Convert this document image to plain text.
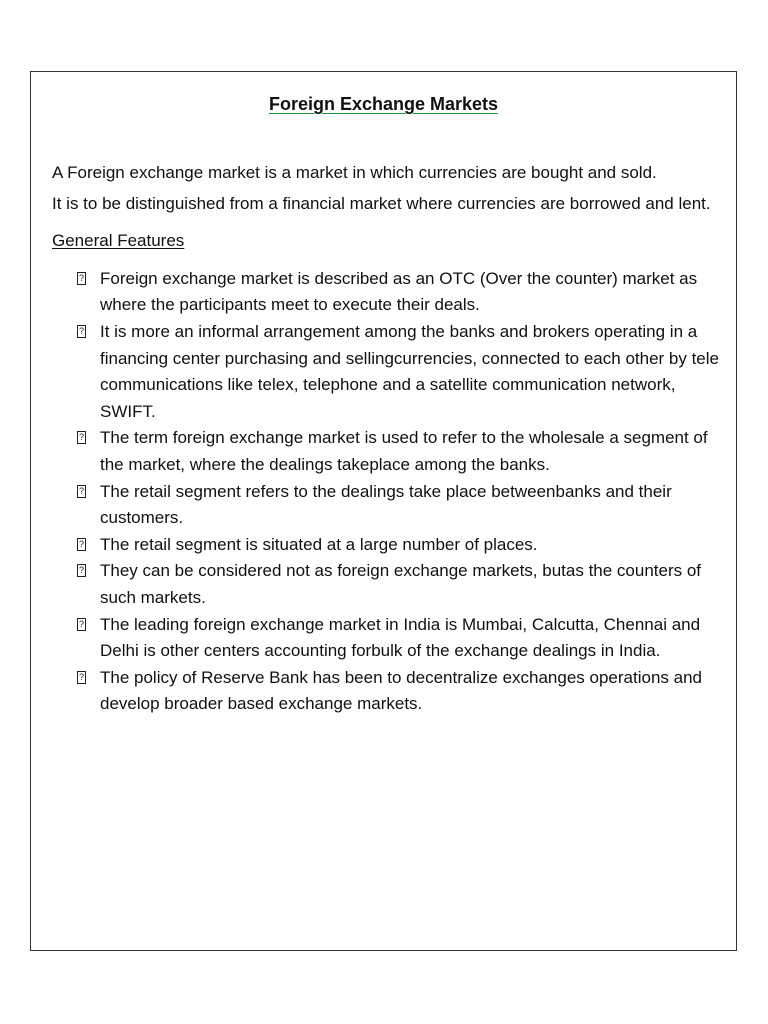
Foreign Exchange Markets

A Foreign exchange market is a market in which currencies are bought and sold.

It is to be distinguished from a financial market where currencies are borrowed and lent.

General Features
?
Foreign exchange market is described as an OTC (Over the counter) market as where the participants meet to execute their deals.
?
It is more an informal arrangement among the banks and brokers operating in a financing center purchasing and sellingcurrencies, connected to each other by tele communications like telex, telephone and a satellite communication network, SWIFT.
?
The term foreign exchange market is used to refer to the wholesale a segment of the market, where the dealings takeplace among the banks.
?
The retail segment refers to the dealings take place betweenbanks and their customers.
?
The retail segment is situated at a large number of places.
?
They can be considered not as foreign exchange markets, butas the counters of such markets.
?
The leading foreign exchange market in India is Mumbai, Calcutta, Chennai and Delhi is other centers accounting forbulk of the exchange dealings in India.
?
The policy of Reserve Bank has been to decentralize exchanges operations and develop broader based exchange markets.
